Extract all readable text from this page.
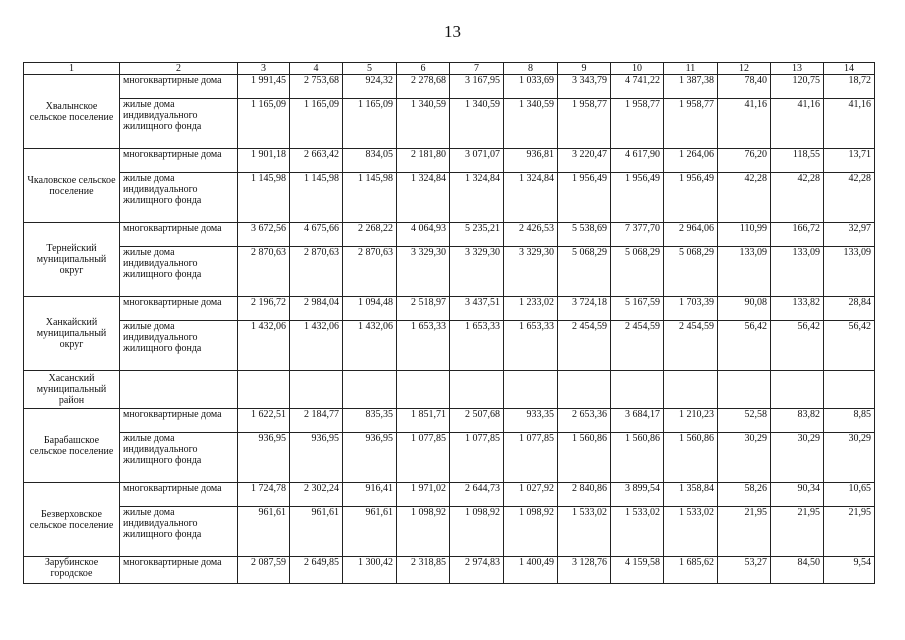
13
1	2	3	4	5	6	7	8	9	10	11	12	13	14
Хвалынское сельское поселение	многоквартирные дома	1 991,45	2 753,68	924,32	2 278,68	3 167,95	1 033,69	3 343,79	4 741,22	1 387,38	78,40	120,75	18,72
	жилые дома индивидуального жилищного фонда	1 165,09	1 165,09	1 165,09	1 340,59	1 340,59	1 340,59	1 958,77	1 958,77	1 958,77	41,16	41,16	41,16
Чкаловское сельское поселение	многоквартирные дома	1 901,18	2 663,42	834,05	2 181,80	3 071,07	936,81	3 220,47	4 617,90	1 264,06	76,20	118,55	13,71
	жилые дома индивидуального жилищного фонда	1 145,98	1 145,98	1 145,98	1 324,84	1 324,84	1 324,84	1 956,49	1 956,49	1 956,49	42,28	42,28	42,28
Тернейский муниципальный округ	многоквартирные дома	3 672,56	4 675,66	2 268,22	4 064,93	5 235,21	2 426,53	5 538,69	7 377,70	2 964,06	110,99	166,72	32,97
	жилые дома индивидуального жилищного фонда	2 870,63	2 870,63	2 870,63	3 329,30	3 329,30	3 329,30	5 068,29	5 068,29	5 068,29	133,09	133,09	133,09
Ханкайский муниципальный округ	многоквартирные дома	2 196,72	2 984,04	1 094,48	2 518,97	3 437,51	1 233,02	3 724,18	5 167,59	1 703,39	90,08	133,82	28,84
	жилые дома индивидуального жилищного фонда	1 432,06	1 432,06	1 432,06	1 653,33	1 653,33	1 653,33	2 454,59	2 454,59	2 454,59	56,42	56,42	56,42
Хасанский муниципальный район													
Барабашское сельское поселение	многоквартирные дома	1 622,51	2 184,77	835,35	1 851,71	2 507,68	933,35	2 653,36	3 684,17	1 210,23	52,58	83,82	8,85
	жилые дома индивидуального жилищного фонда	936,95	936,95	936,95	1 077,85	1 077,85	1 077,85	1 560,86	1 560,86	1 560,86	30,29	30,29	30,29
Безверховское сельское поселение	многоквартирные дома	1 724,78	2 302,24	916,41	1 971,02	2 644,73	1 027,92	2 840,86	3 899,54	1 358,84	58,26	90,34	10,65
	жилые дома индивидуального жилищного фонда	961,61	961,61	961,61	1 098,92	1 098,92	1 098,92	1 533,02	1 533,02	1 533,02	21,95	21,95	21,95
Зарубинское городское	многоквартирные дома	2 087,59	2 649,85	1 300,42	2 318,85	2 974,83	1 400,49	3 128,76	4 159,58	1 685,62	53,27	84,50	9,54
